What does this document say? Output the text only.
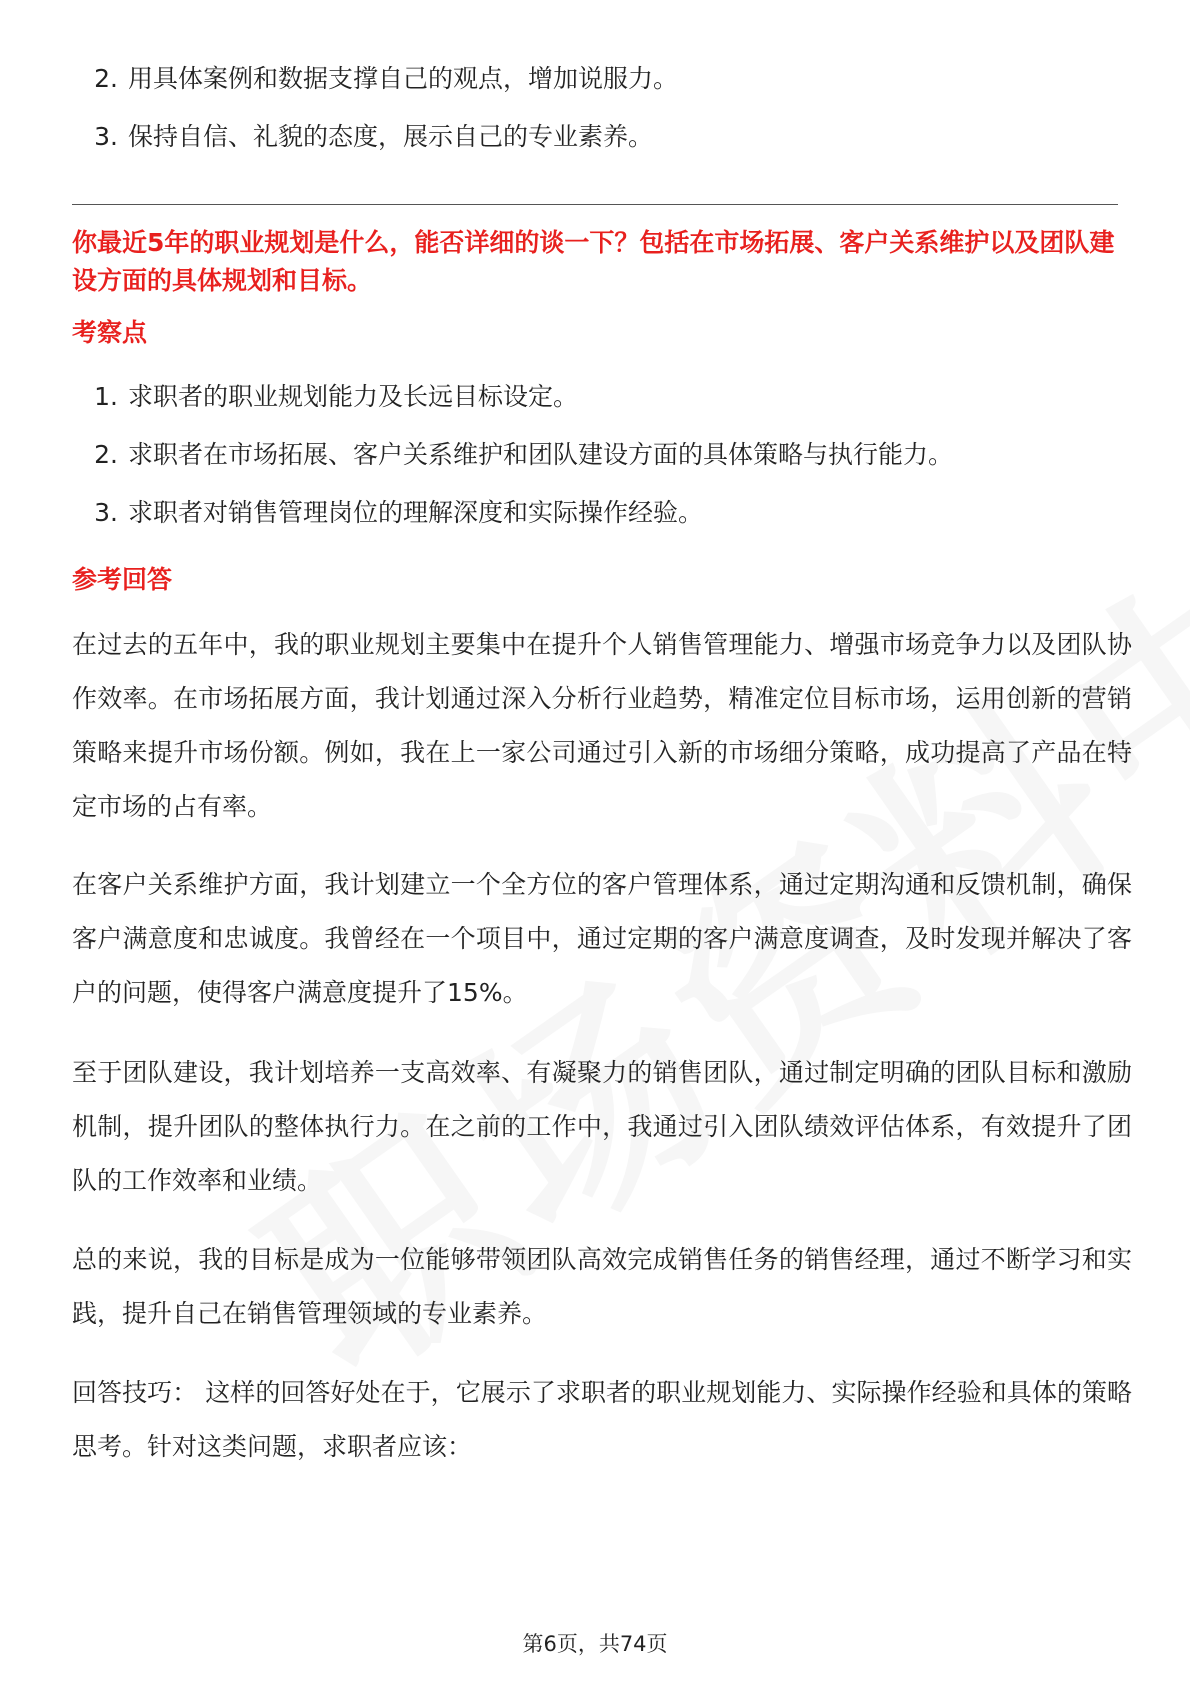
2. 用具体案例和数据支撑自己的观点，增加说服力。
3. 保持自信、礼貌的态度，展示自己的专业素养。

你最近5年的职业规划是什么，能否详细的谈一下？包括在市场拓展、客户关系维护以及团队建设方面的具体规划和目标。

考察点

1. 求职者的职业规划能力及长远目标设定。
2. 求职者在市场拓展、客户关系维护和团队建设方面的具体策略与执行能力。
3. 求职者对销售管理岗位的理解深度和实际操作经验。

参考回答

在过去的五年中，我的职业规划主要集中在提升个人销售管理能力、增强市场竞争力以及团队协作效率。在市场拓展方面，我计划通过深入分析行业趋势，精准定位目标市场，运用创新的营销策略来提升市场份额。例如，我在上一家公司通过引入新的市场细分策略，成功提高了产品在特定市场的占有率。

在客户关系维护方面，我计划建立一个全方位的客户管理体系，通过定期沟通和反馈机制，确保客户满意度和忠诚度。我曾经在一个项目中，通过定期的客户满意度调查，及时发现并解决了客户的问题，使得客户满意度提升了15%。

至于团队建设，我计划培养一支高效率、有凝聚力的销售团队，通过制定明确的团队目标和激励机制，提升团队的整体执行力。在之前的工作中，我通过引入团队绩效评估体系，有效提升了团队的工作效率和业绩。

总的来说，我的目标是成为一位能够带领团队高效完成销售任务的销售经理，通过不断学习和实践，提升自己在销售管理领域的专业素养。

回答技巧： 这样的回答好处在于，它展示了求职者的职业规划能力、实际操作经验和具体的策略思考。针对这类问题，求职者应该：

第6页，共74页
